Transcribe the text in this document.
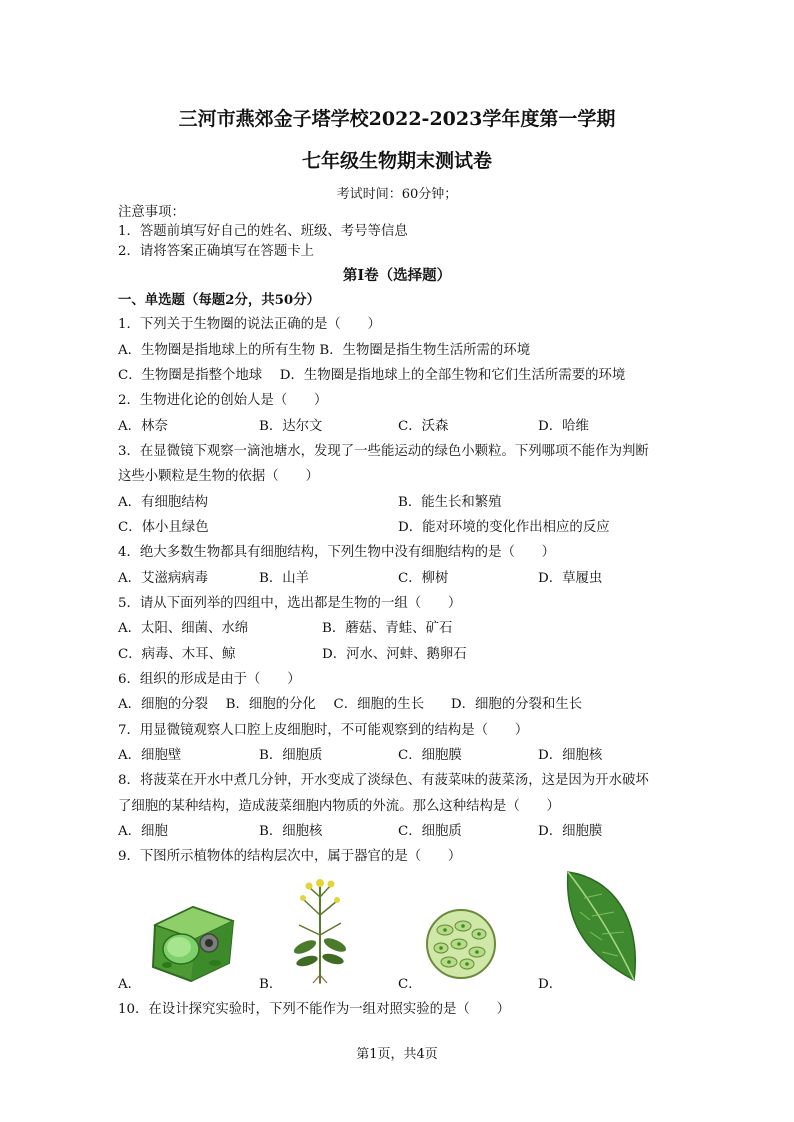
三河市燕郊金子塔学校2022-2023学年度第一学期
七年级生物期末测试卷
考试时间：60分钟；
注意事项：
1．答题前填写好自己的姓名、班级、考号等信息
2．请将答案正确填写在答题卡上
第I卷（选择题）
一、单选题（每题2分，共50分）
1．下列关于生物圈的说法正确的是（　　）
A．生物圈是指地球上的所有生物 B．生物圈是指生物生活所需的环境
C．生物圈是指整个地球　 D．生物圈是指地球上的全部生物和它们生活所需要的环境
2．生物进化论的创始人是（　　）
A．林奈	B．达尔文	C．沃森	D．哈维
3．在显微镜下观察一滴池塘水，发现了一些能运动的绿色小颗粒。下列哪项不能作为判断
这些小颗粒是生物的依据（　　）
A．有细胞结构	B．能生长和繁殖
C．体小且绿色	D．能对环境的变化作出相应的反应
4．绝大多数生物都具有细胞结构，下列生物中没有细胞结构的是（　　）
A．艾滋病病毒	B．山羊	C．柳树	D．草履虫
5．请从下面列举的四组中，选出都是生物的一组（　　）
A．太阳、细菌、水绵	B．蘑菇、青蛙、矿石
C．病毒、木耳、鲸	D．河水、河蚌、鹅卵石
6．组织的形成是由于（　　）
A．细胞的分裂　 B．细胞的分化　 C．细胞的生长　　D．细胞的分裂和生长
7．用显微镜观察人口腔上皮细胞时，不可能观察到的结构是（　　）
A．细胞壁	B．细胞质	C．细胞膜	D．细胞核
8．将菠菜在开水中煮几分钟，开水变成了淡绿色、有菠菜味的菠菜汤，这是因为开水破坏
了细胞的某种结构，造成菠菜细胞内物质的外流。那么这种结构是（　　）
A．细胞	B．细胞核	C．细胞质	D．细胞膜
9．下图所示植物体的结构层次中，属于器官的是（　　）
A．	B．	C．	D．
10．在设计探究实验时，下列不能作为一组对照实验的是（　　）
第1页，共4页
